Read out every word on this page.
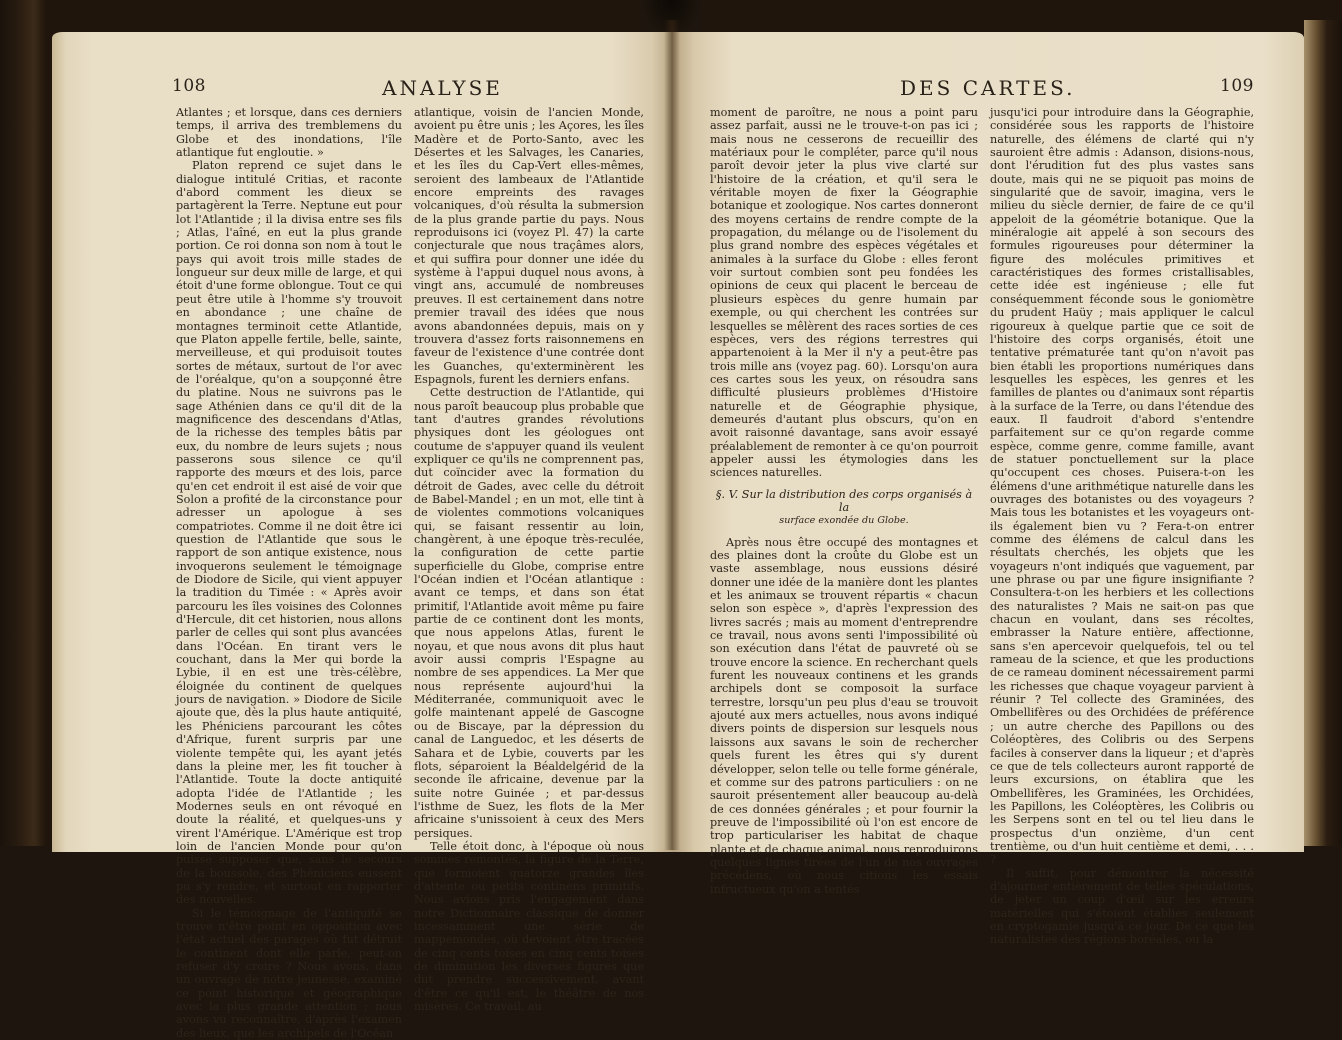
108	ANALYSE

Atlantes ; et lorsque, dans ces derniers temps, il arriva des tremblemens du Globe et des inondations, l'île atlantique fut engloutie. »

Platon reprend ce sujet dans le dialogue intitulé Critias, et raconte d'abord comment les dieux se partagèrent la Terre. Neptune eut pour lot l'Atlantide ; il la divisa entre ses fils ; Atlas, l'aîné, en eut la plus grande portion. Ce roi donna son nom à tout le pays qui avoit trois mille stades de longueur sur deux mille de large, et qui étoit d'une forme oblongue. Tout ce qui peut être utile à l'homme s'y trouvoit en abondance ; une chaîne de montagnes terminoit cette Atlantide, que Platon appelle fertile, belle, sainte, merveilleuse, et qui produisoit toutes sortes de métaux, surtout de l'or avec de l'oréalque, qu'on a soupçonné être du platine. Nous ne suivrons pas le sage Athénien dans ce qu'il dit de la magnificence des descendans d'Atlas, de la richesse des temples bâtis par eux, du nombre de leurs sujets ; nous passerons sous silence ce qu'il rapporte des mœurs et des lois, parce qu'en cet endroit il est aisé de voir que Solon a profité de la circonstance pour adresser un apologue à ses compatriotes. Comme il ne doit être ici question de l'Atlantide que sous le rapport de son antique existence, nous invoquerons seulement le témoignage de Diodore de Sicile, qui vient appuyer la tradition du Timée : « Après avoir parcouru les îles voisines des Colonnes d'Hercule, dit cet historien, nous allons parler de celles qui sont plus avancées dans l'Océan. En tirant vers le couchant, dans la Mer qui borde la Lybie, il en est une très-célèbre, éloignée du continent de quelques jours de navigation. » Diodore de Sicile ajoute que, dès la plus haute antiquité, les Phéniciens parcourant les côtes d'Afrique, furent surpris par une violente tempête qui, les ayant jetés dans la pleine mer, les fit toucher à l'Atlantide. Toute la docte antiquité adopta l'idée de l'Atlantide ; les Modernes seuls en ont révoqué en doute la réalité, et quelques-uns y virent l'Amérique. L'Amérique est trop loin de l'ancien Monde pour qu'on puisse supposer que, sans le secours de la boussole, des Phéniciens eussent pu s'y rendre, et surtout en rapporter des nouvelles.

Si le témoignage de l'antiquité se trouve n'être point en opposition avec l'état actuel des parages où fut détruit le continent dont elle parle, peut-on refuser d'y croire ? Nous avons, dans un ouvrage de notre jeunesse, examiné ce point historique et géographique avec la plus grande attention ; nous avons vu reconnaître, d'après l'examen des lieux, que les archipels de l'Océan

atlantique, voisin de l'ancien Monde, avoient pu être unis ; les Açores, les îles Madère et de Porto-Santo, avec les Désertes et les Salvages, les Canaries, et les îles du Cap-Vert elles-mêmes, seroient des lambeaux de l'Atlantide encore empreints des ravages volcaniques, d'où résulta la submersion de la plus grande partie du pays. Nous reproduisons ici (voyez Pl. 47) la carte conjecturale que nous traçâmes alors, et qui suffira pour donner une idée du système à l'appui duquel nous avons, à vingt ans, accumulé de nombreuses preuves. Il est certainement dans notre premier travail des idées que nous avons abandonnées depuis, mais on y trouvera d'assez forts raisonnemens en faveur de l'existence d'une contrée dont les Guanches, qu'exterminèrent les Espagnols, furent les derniers enfans.

Cette destruction de l'Atlantide, qui nous paroît beaucoup plus probable que tant d'autres grandes révolutions physiques dont les géologues ont coutume de s'appuyer quand ils veulent expliquer ce qu'ils ne comprennent pas, dut coïncider avec la formation du détroit de Gades, avec celle du détroit de Babel-Mandel ; en un mot, elle tint à de violentes commotions volcaniques qui, se faisant ressentir au loin, changèrent, à une époque très-reculée, la configuration de cette partie superficielle du Globe, comprise entre l'Océan indien et l'Océan atlantique : avant ce temps, et dans son état primitif, l'Atlantide avoit même pu faire partie de ce continent dont les monts, que nous appelons Atlas, furent le noyau, et que nous avons dit plus haut avoir aussi compris l'Espagne au nombre de ses appendices. La Mer que nous représente aujourd'hui la Méditerranée, communiquoit avec le golfe maintenant appelé de Gascogne ou de Biscaye, par la dépression du canal de Languedoc, et les déserts de Sahara et de Lybie, couverts par les flots, séparoient la Béaldelgérid de la seconde île africaine, devenue par la suite notre Guinée ; et par-dessus l'isthme de Suez, les flots de la Mer africaine s'unissoient à ceux des Mers persiques.

Telle étoit donc, à l'époque où nous sommes remontés, la figure de la Terre, que formoient quatorze grandes îles d'attente ou petits continens primitifs. Nous avions pris l'engagement dans notre Dictionnaire classique de donner incessamment une série de mappemondes, où devoient être tracées de cinq cents toises en cinq cents toises de diminution les diverses figures que dut prendre successivement, avant d'être ce qu'il est, le théâtre de nos misères. Ce travail, au

DES CARTES.	109

moment de paroître, ne nous a point paru assez parfait, aussi ne le trouve-t-on pas ici ; mais nous ne cesserons de recueillir des matériaux pour le compléter, parce qu'il nous paroît devoir jeter la plus vive clarté sur l'histoire de la création, et qu'il sera le véritable moyen de fixer la Géographie botanique et zoologique. Nos cartes donneront des moyens certains de rendre compte de la propagation, du mélange ou de l'isolement du plus grand nombre des espèces végétales et animales à la surface du Globe : elles feront voir surtout combien sont peu fondées les opinions de ceux qui placent le berceau de plusieurs espèces du genre humain par exemple, ou qui cherchent les contrées sur lesquelles se mêlèrent des races sorties de ces espèces, vers des régions terrestres qui appartenoient à la Mer il n'y a peut-être pas trois mille ans (voyez pag. 60). Lorsqu'on aura ces cartes sous les yeux, on résoudra sans difficulté plusieurs problèmes d'Histoire naturelle et de Géographie physique, demeurés d'autant plus obscurs, qu'on en avoit raisonné davantage, sans avoir essayé préalablement de remonter à ce qu'on pourroit appeler aussi les étymologies dans les sciences naturelles.

§. V. Sur la distribution des corps organisés à la
surface exondée du Globe.

Après nous être occupé des montagnes et des plaines dont la croûte du Globe est un vaste assemblage, nous eussions désiré donner une idée de la manière dont les plantes et les animaux se trouvent répartis « chacun selon son espèce », d'après l'expression des livres sacrés ; mais au moment d'entreprendre ce travail, nous avons senti l'impossibilité où son exécution dans l'état de pauvreté où se trouve encore la science. En recherchant quels furent les nouveaux continens et les grands archipels dont se composoit la surface terrestre, lorsqu'un peu plus d'eau se trouvoit ajouté aux mers actuelles, nous avons indiqué divers points de dispersion sur lesquels nous laissons aux savans le soin de rechercher quels furent les êtres qui s'y durent développer, selon telle ou telle forme générale, et comme sur des patrons particuliers : on ne sauroit présentement aller beaucoup au-delà de ces données générales ; et pour fournir la preuve de l'impossibilité où l'on est encore de trop particulariser les habitat de chaque plante et de chaque animal, nous reproduirons quelques lignes tirées de l'un de nos ouvrages précédens, où nous citions les essais infructueux qu'on a tentés

jusqu'ici pour introduire dans la Géographie, considérée sous les rapports de l'histoire naturelle, des élémens de clarté qui n'y sauroient être admis : Adanson, disions-nous, dont l'érudition fut des plus vastes sans doute, mais qui ne se piquoit pas moins de singularité que de savoir, imagina, vers le milieu du siècle dernier, de faire de ce qu'il appeloit de la géométrie botanique. Que la minéralogie ait appelé à son secours des formules rigoureuses pour déterminer la figure des molécules primitives et caractéristiques des formes cristallisables, cette idée est ingénieuse ; elle fut conséquemment féconde sous le goniomètre du prudent Haüy ; mais appliquer le calcul rigoureux à quelque partie que ce soit de l'histoire des corps organisés, étoit une tentative prématurée tant qu'on n'avoit pas bien établi les proportions numériques dans lesquelles les espèces, les genres et les familles de plantes ou d'animaux sont répartis à la surface de la Terre, ou dans l'étendue des eaux. Il faudroit d'abord s'entendre parfaitement sur ce qu'on regarde comme espèce, comme genre, comme famille, avant de statuer ponctuellement sur la place qu'occupent ces choses. Puisera-t-on les élémens d'une arithmétique naturelle dans les ouvrages des botanistes ou des voyageurs ? Mais tous les botanistes et les voyageurs ont-ils également bien vu ? Fera-t-on entrer comme des élémens de calcul dans les résultats cherchés, les objets que les voyageurs n'ont indiqués que vaguement, par une phrase ou par une figure insignifiante ? Consultera-t-on les herbiers et les collections des naturalistes ? Mais ne sait-on pas que chacun en voulant, dans ses récoltes, embrasser la Nature entière, affectionne, sans s'en apercevoir quelquefois, tel ou tel rameau de la science, et que les productions de ce rameau dominent nécessairement parmi les richesses que chaque voyageur parvient à réunir ? Tel collecte des Graminées, des Ombellifères ou des Orchidées de préférence ; un autre cherche des Papillons ou des Coléoptères, des Colibris ou des Serpens faciles à conserver dans la liqueur ; et d'après ce que de tels collecteurs auront rapporté de leurs excursions, on établira que les Ombellifères, les Graminées, les Orchidées, les Papillons, les Coléoptères, les Colibris ou les Serpens sont en tel ou tel lieu dans le prospectus d'un onzième, d'un cent trentième, ou d'un huit centième et demi, . . . ?

Il suffit, pour démontrer la nécessité d'ajourner entièrement de telles spéculations, de jeter un coup d'œil sur les erreurs matérielles qui s'étoient établies seulement en cryptogamie jusqu'à ce jour. De ce que les naturalistes des régions boréales, ou la
